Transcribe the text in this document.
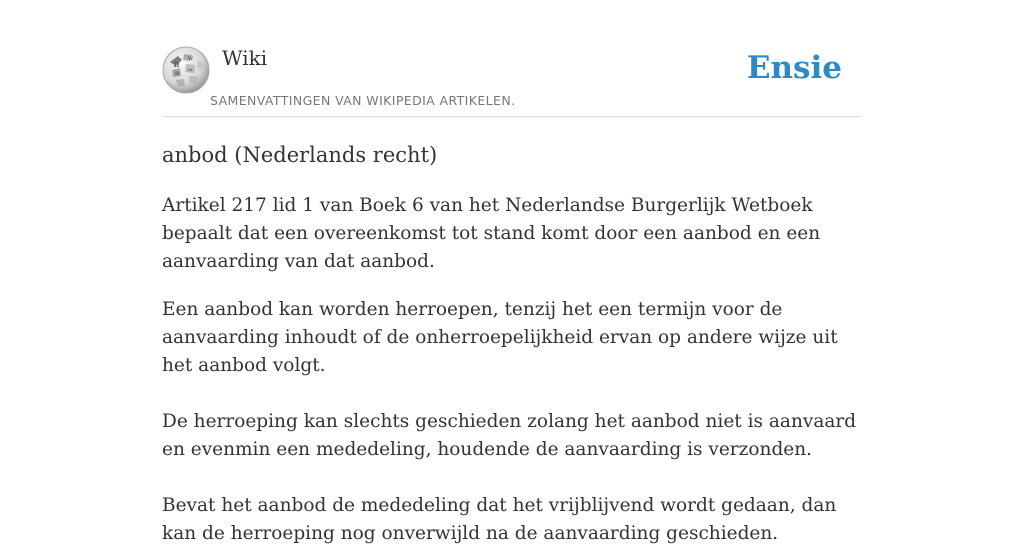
Ω
W
И
ω Wiki
SAMENVATTINGEN VAN WIKIPEDIA ARTIKELEN.
Ensie
anbod (Nederlands recht)

Artikel 217 lid 1 van Boek 6 van het Nederlandse Burgerlijk Wetboek bepaalt dat een overeenkomst tot stand komt door een aanbod en een aanvaarding van dat aanbod.

Een aanbod kan worden herroepen, tenzij het een termijn voor de aanvaarding inhoudt of de onherroepelijkheid ervan op andere wijze uit het aanbod volgt.

De herroeping kan slechts geschieden zolang het aanbod niet is aanvaard en evenmin een mededeling, houdende de aanvaarding is verzonden.

Bevat het aanbod de mededeling dat het vrijblijvend wordt gedaan, dan kan de herroeping nog onverwijld na de aanvaarding geschieden.
